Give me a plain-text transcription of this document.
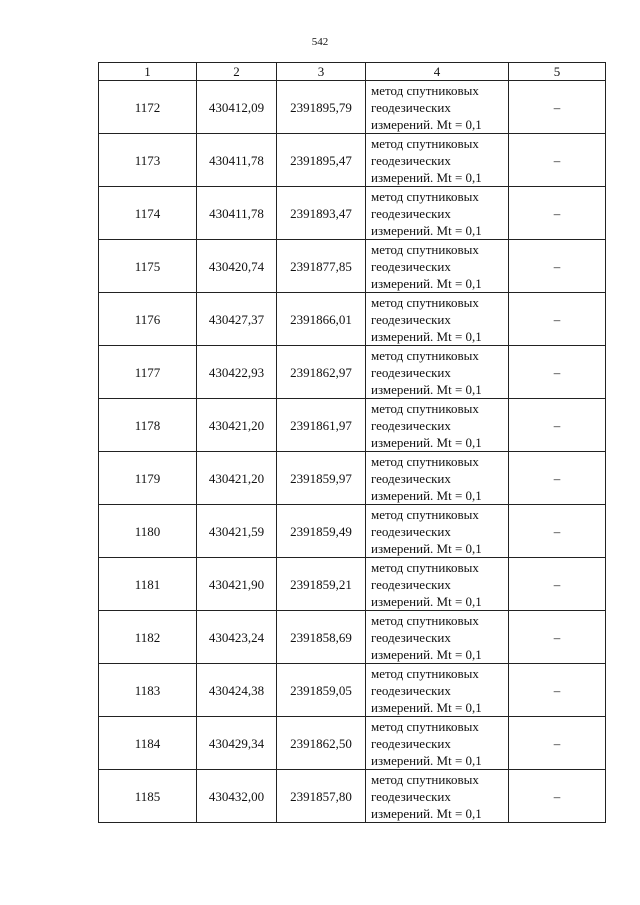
542
1	2	3	4	5
1172	430412,09	2391895,79	метод спутниковых
геодезических
измерений. Mt = 0,1	–
1173	430411,78	2391895,47	метод спутниковых
геодезических
измерений. Mt = 0,1	–
1174	430411,78	2391893,47	метод спутниковых
геодезических
измерений. Mt = 0,1	–
1175	430420,74	2391877,85	метод спутниковых
геодезических
измерений. Mt = 0,1	–
1176	430427,37	2391866,01	метод спутниковых
геодезических
измерений. Mt = 0,1	–
1177	430422,93	2391862,97	метод спутниковых
геодезических
измерений. Mt = 0,1	–
1178	430421,20	2391861,97	метод спутниковых
геодезических
измерений. Mt = 0,1	–
1179	430421,20	2391859,97	метод спутниковых
геодезических
измерений. Mt = 0,1	–
1180	430421,59	2391859,49	метод спутниковых
геодезических
измерений. Mt = 0,1	–
1181	430421,90	2391859,21	метод спутниковых
геодезических
измерений. Mt = 0,1	–
1182	430423,24	2391858,69	метод спутниковых
геодезических
измерений. Mt = 0,1	–
1183	430424,38	2391859,05	метод спутниковых
геодезических
измерений. Mt = 0,1	–
1184	430429,34	2391862,50	метод спутниковых
геодезических
измерений. Mt = 0,1	–
1185	430432,00	2391857,80	метод спутниковых
геодезических
измерений. Mt = 0,1	–
